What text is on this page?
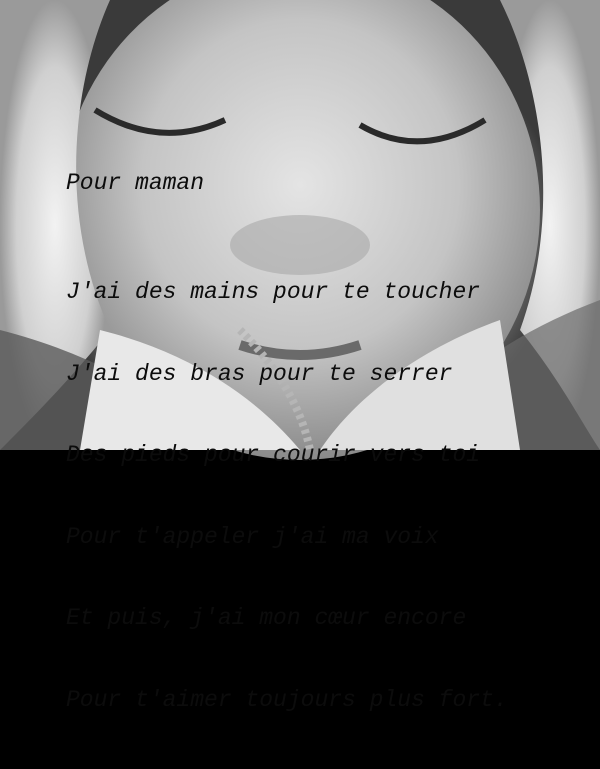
Pour maman

J'ai des mains pour te toucher

J'ai des bras pour te serrer

Des pieds pour courir vers toi

Pour t'appeler j'ai ma voix

Et puis, j'ai mon cœur encore

Pour t'aimer toujours plus fort.
